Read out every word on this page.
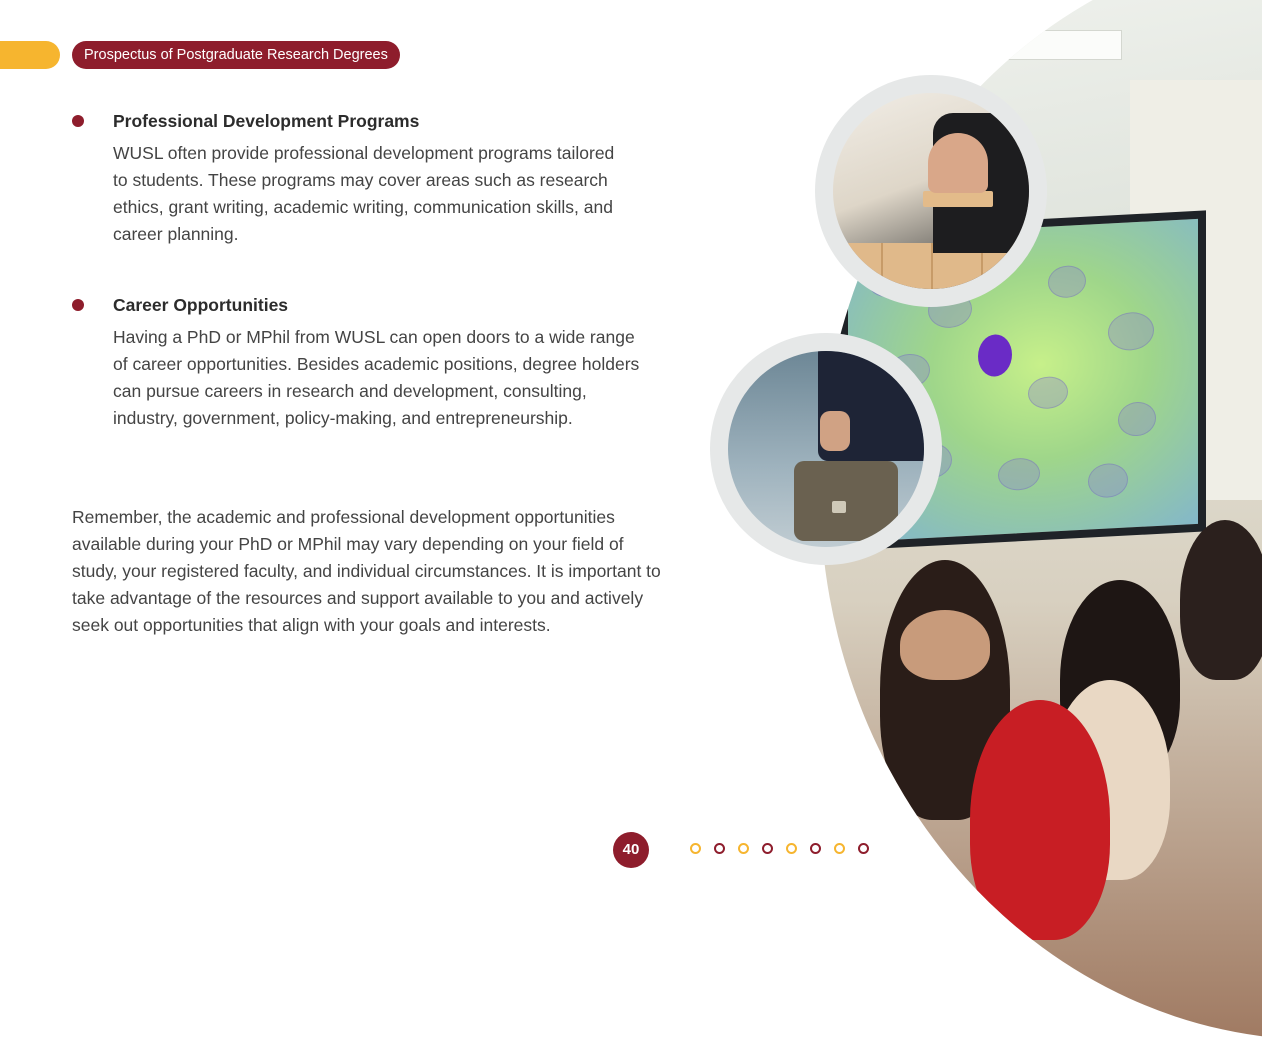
Prospectus of Postgraduate Research Degrees
Professional Development Programs
WUSL often provide professional development programs tailored to students. These programs may cover areas such as research ethics, grant writing, academic writing, communication skills, and career planning.
Career Opportunities
Having a PhD or MPhil from WUSL can open doors to a wide range of career opportunities. Besides academic positions, degree holders can pursue careers in research and development, consulting, industry, government, policy-making, and entrepreneurship.
Remember, the academic and professional development opportunities available during your PhD or MPhil may vary depending on your field of study, your registered faculty, and individual circumstances. It is important to take advantage of the resources and support available to you and actively seek out opportunities that align with your goals and interests.
40
